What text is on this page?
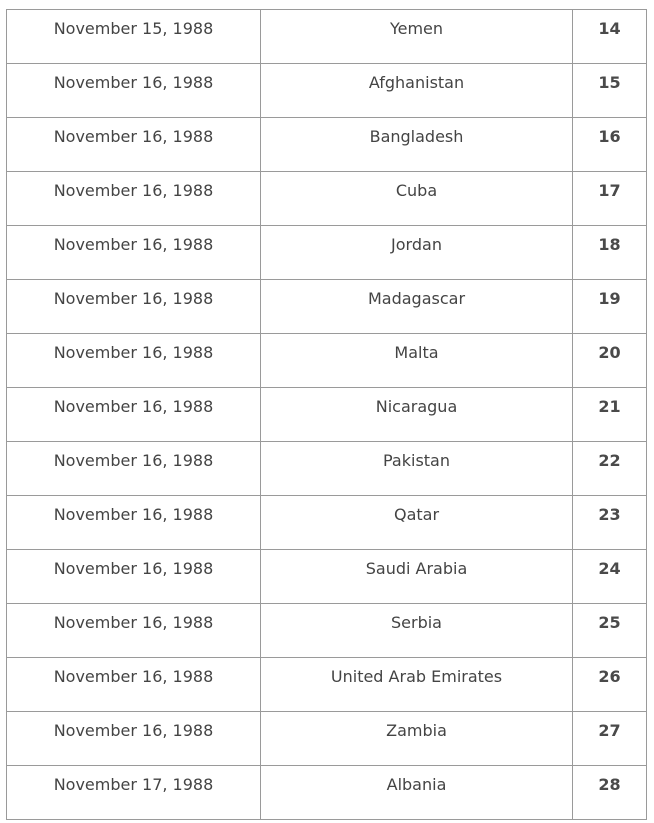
November 15, 1988	Yemen	14

November 16, 1988	Afghanistan	15

November 16, 1988	Bangladesh	16

November 16, 1988	Cuba	17

November 16, 1988	Jordan	18

November 16, 1988	Madagascar	19

November 16, 1988	Malta	20

November 16, 1988	Nicaragua	21

November 16, 1988	Pakistan	22

November 16, 1988	Qatar	23

November 16, 1988	Saudi Arabia	24

November 16, 1988	Serbia	25

November 16, 1988	United Arab Emirates	26

November 16, 1988	Zambia	27

November 17, 1988	Albania	28
